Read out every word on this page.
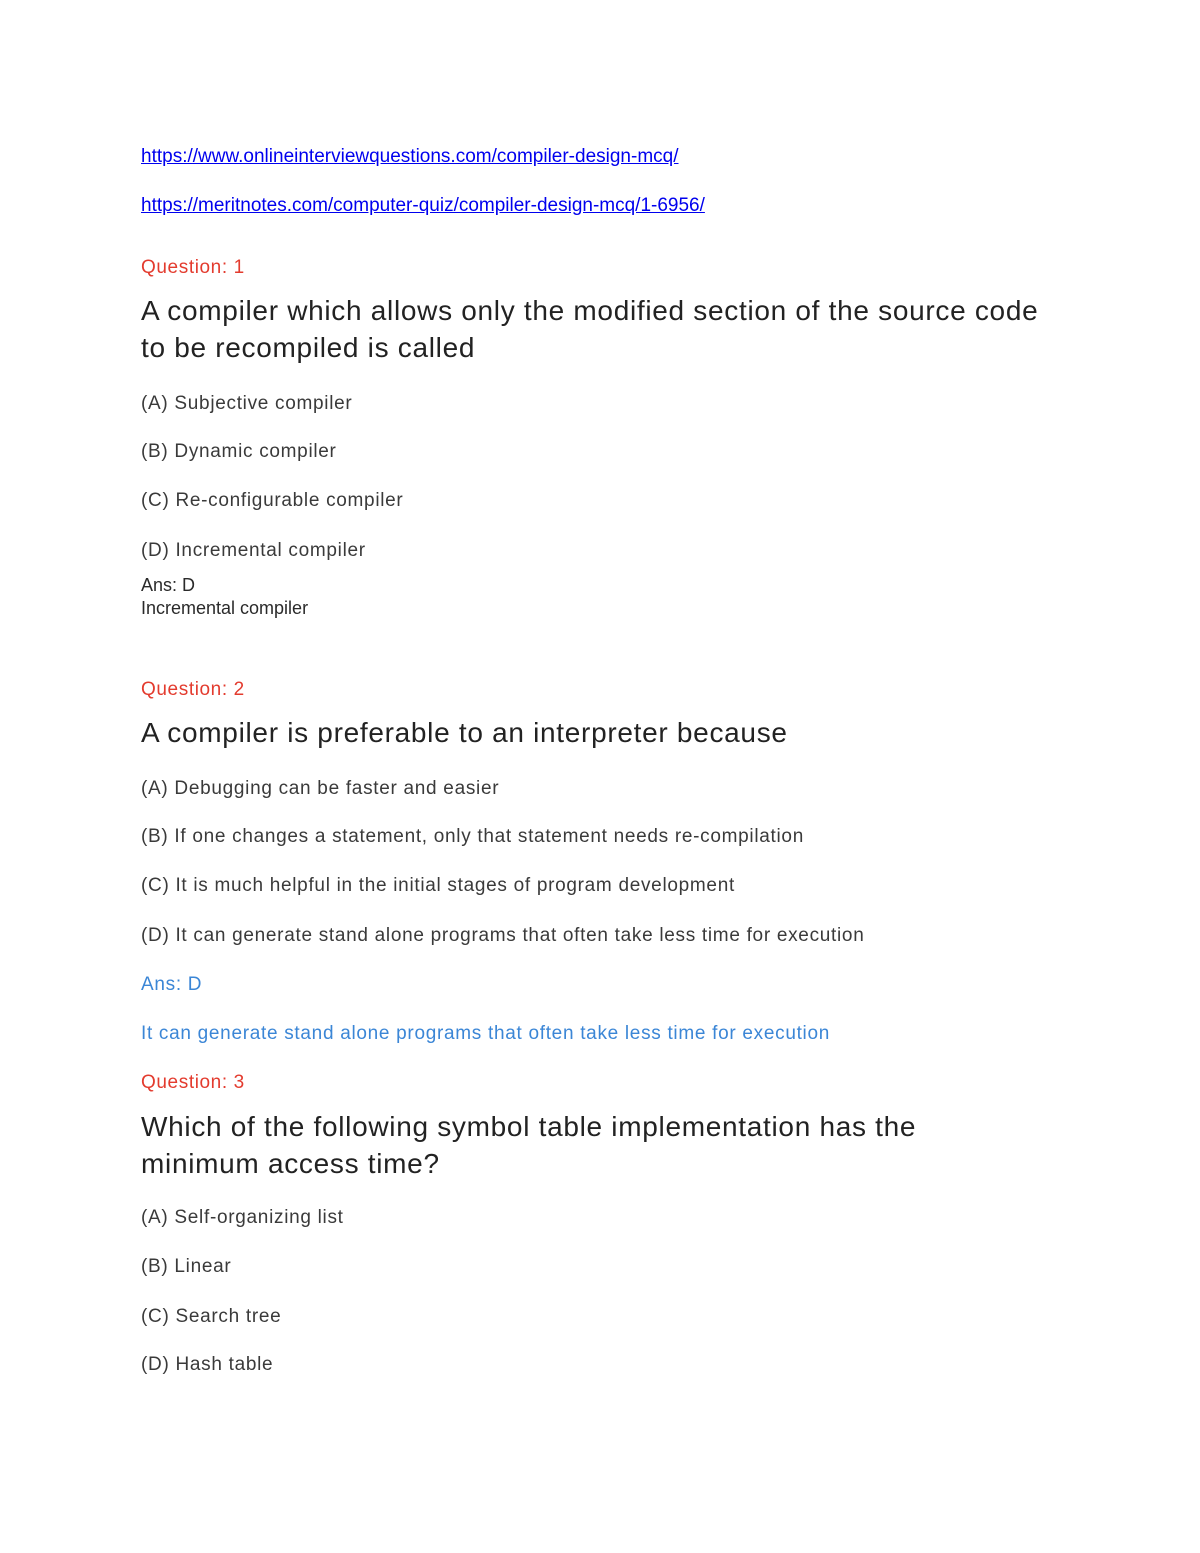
https://www.onlineinterviewquestions.com/compiler-design-mcq/
https://meritnotes.com/computer-quiz/compiler-design-mcq/1-6956/
Question: 1

A compiler which allows only the modified section of the source code to be recompiled is called

(A) Subjective compiler
(B) Dynamic compiler
(C) Re-configurable compiler
(D) Incremental compiler
Ans: D
Incremental compiler
Question: 2

A compiler is preferable to an interpreter because

(A) Debugging can be faster and easier
(B) If one changes a statement, only that statement needs re-compilation
(C) It is much helpful in the initial stages of program development
(D) It can generate stand alone programs that often take less time for execution
Ans: D
It can generate stand alone programs that often take less time for execution
Question: 3

Which of the following symbol table implementation has the minimum access time?

(A) Self-organizing list
(B) Linear
(C) Search tree
(D) Hash table
